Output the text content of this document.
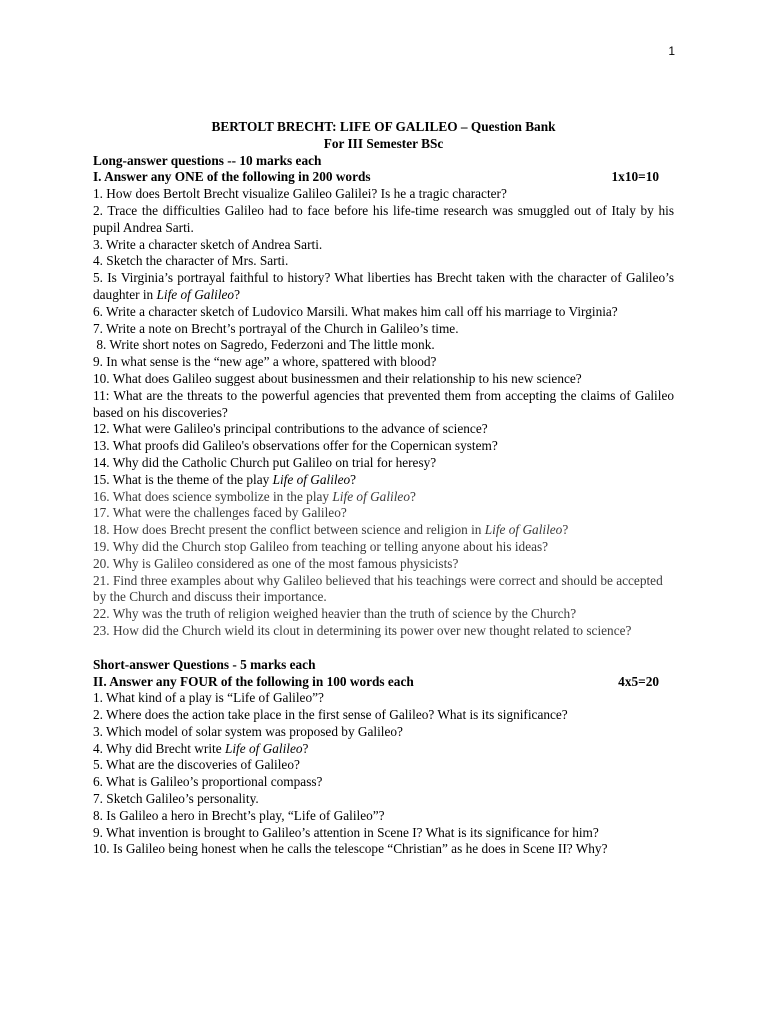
1
BERTOLT BRECHT: LIFE OF GALILEO – Question Bank
For III Semester BSc
Long-answer questions -- 10 marks each
I. Answer any ONE of the following in 200 words	1x10=10

1. How does Bertolt Brecht visualize Galileo Galilei? Is he a tragic character?

2. Trace the difficulties Galileo had to face before his life-time research was smuggled out of Italy by his pupil Andrea Sarti.

3. Write a character sketch of Andrea Sarti.

4. Sketch the character of Mrs. Sarti.

5. Is Virginia’s portrayal faithful to history? What liberties has Brecht taken with the character of Galileo’s daughter in Life of Galileo?

6. Write a character sketch of Ludovico Marsili. What makes him call off his marriage to Virginia?

7. Write a note on Brecht’s portrayal of the Church in Galileo’s time.

8. Write short notes on Sagredo, Federzoni and The little monk.

9. In what sense is the “new age” a whore, spattered with blood?

10. What does Galileo suggest about businessmen and their relationship to his new science?

11: What are the threats to the powerful agencies that prevented them from accepting the claims of Galileo based on his discoveries?

12. What were Galileo's principal contributions to the advance of science?

13. What proofs did Galileo's observations offer for the Copernican system?

14. Why did the Catholic Church put Galileo on trial for heresy?

15. What is the theme of the play Life of Galileo?

16. What does science symbolize in the play Life of Galileo?

17. What were the challenges faced by Galileo?

18. How does Brecht present the conflict between science and religion in Life of Galileo?

19. Why did the Church stop Galileo from teaching or telling anyone about his ideas?

20. Why is Galileo considered as one of the most famous physicists?

21. Find three examples about why Galileo believed that his teachings were correct and should be accepted by the Church and discuss their importance.

22. Why was the truth of religion weighed heavier than the truth of science by the Church?

23. How did the Church wield its clout in determining its power over new thought related to science?

Short-answer Questions - 5 marks each
II. Answer any FOUR of the following in 100 words each	4x5=20

1. What kind of a play is “Life of Galileo”?

2. Where does the action take place in the first sense of Galileo? What is its significance?

3. Which model of solar system was proposed by Galileo?

4. Why did Brecht write Life of Galileo?

5. What are the discoveries of Galileo?

6. What is Galileo’s proportional compass?

7. Sketch Galileo’s personality.

8. Is Galileo a hero in Brecht’s play, “Life of Galileo”?

9. What invention is brought to Galileo’s attention in Scene I? What is its significance for him?

10. Is Galileo being honest when he calls the telescope “Christian” as he does in Scene II? Why?
